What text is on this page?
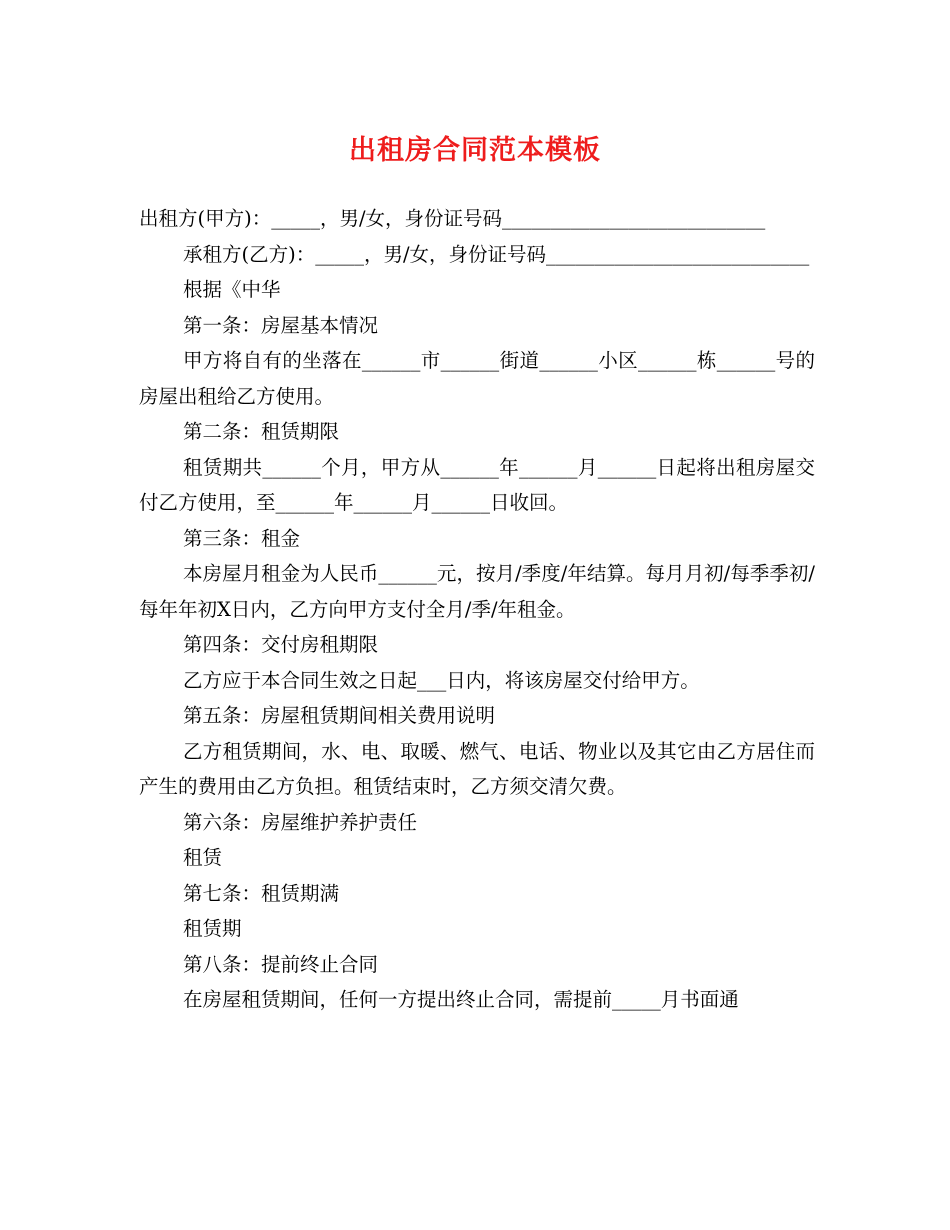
出租房合同范本模板

出租方(甲方)：_____，男/女，身份证号码___________________________

承租方(乙方)：_____，男/女，身份证号码___________________________

根据《中华

第一条：房屋基本情况

甲方将自有的坐落在______市______街道______小区______栋______号的房屋出租给乙方使用。

第二条：租赁期限

租赁期共______个月，甲方从______年______月______日起将出租房屋交付乙方使用，至______年______月______日收回。

第三条：租金

本房屋月租金为人民币______元，按月/季度/年结算。每月月初/每季季初/每年年初X日内，乙方向甲方支付全月/季/年租金。

第四条：交付房租期限

乙方应于本合同生效之日起___日内，将该房屋交付给甲方。

第五条：房屋租赁期间相关费用说明

乙方租赁期间，水、电、取暖、燃气、电话、物业以及其它由乙方居住而产生的费用由乙方负担。租赁结束时，乙方须交清欠费。

第六条：房屋维护养护责任

租赁

第七条：租赁期满

租赁期

第八条：提前终止合同

在房屋租赁期间，任何一方提出终止合同，需提前_____月书面通
